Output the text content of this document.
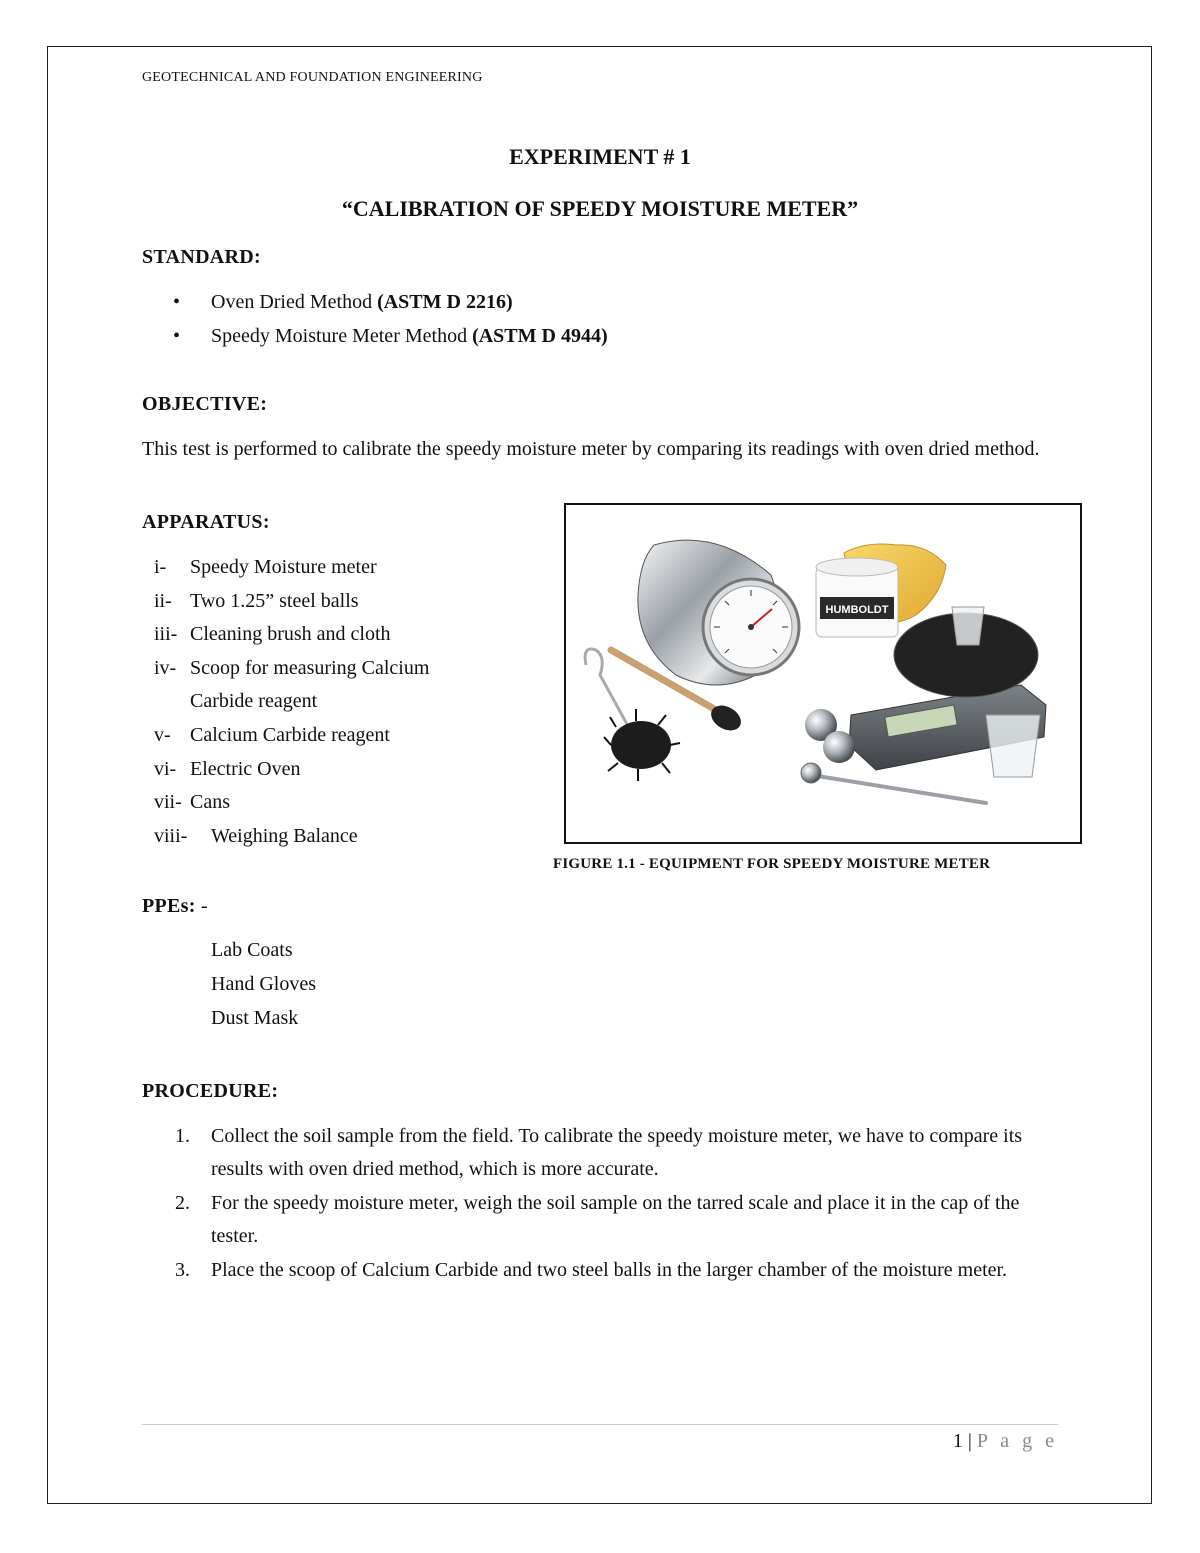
GEOTECHNICAL AND FOUNDATION ENGINEERING
EXPERIMENT # 1
“CALIBRATION OF SPEEDY MOISTURE METER”
STANDARD:
• Oven Dried Method (ASTM D 2216)
• Speedy Moisture Meter Method (ASTM D 4944)
OBJECTIVE:
This test is performed to calibrate the speedy moisture meter by comparing its readings with oven dried method.
APPARATUS:
i- Speedy Moisture meter
ii- Two 1.25” steel balls
iii- Cleaning brush and cloth
iv- Scoop for measuring Calcium Carbide reagent
v- Calcium Carbide reagent
vi- Electric Oven
vii- Cans
viii- Weighing Balance
HUMBOLDT
FIGURE 1.1 - EQUIPMENT FOR SPEEDY MOISTURE METER
PPEs: -
Lab Coats
Hand Gloves
Dust Mask
PROCEDURE:
1. Collect the soil sample from the field. To calibrate the speedy moisture meter, we have to compare its results with oven dried method, which is more accurate.
2. For the speedy moisture meter, weigh the soil sample on the tarred scale and place it in the cap of the tester.
3. Place the scoop of Calcium Carbide and two steel balls in the larger chamber of the moisture meter.
1 | P a g e
